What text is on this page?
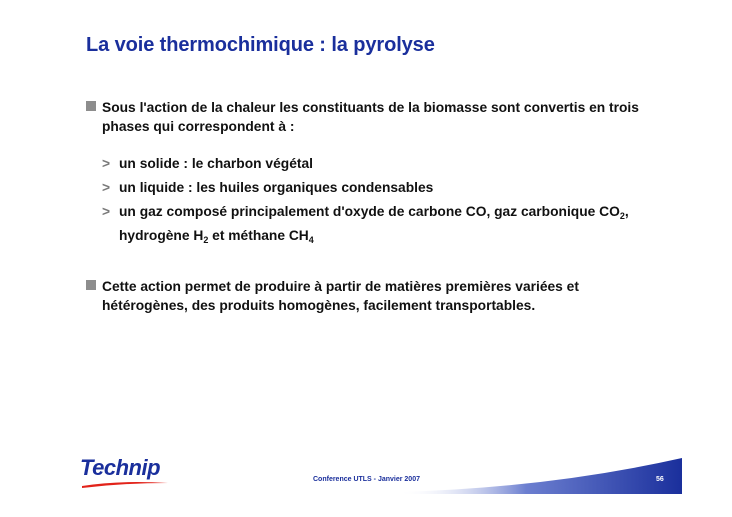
La voie thermochimique : la pyrolyse
Sous l'action de la chaleur les constituants de la biomasse sont convertis en trois phases qui correspondent à :
> un solide : le charbon végétal
> un liquide : les huiles organiques condensables
> un gaz composé principalement d'oxyde de carbone CO, gaz carbonique $CO_2$, hydrogène $H_2$ et méthane $CH_4$
Cette action permet de produire à partir de matières premières variées et hétérogènes, des produits homogènes, facilement transportables.
Technip	Conference UTLS - Janvier 2007	56
